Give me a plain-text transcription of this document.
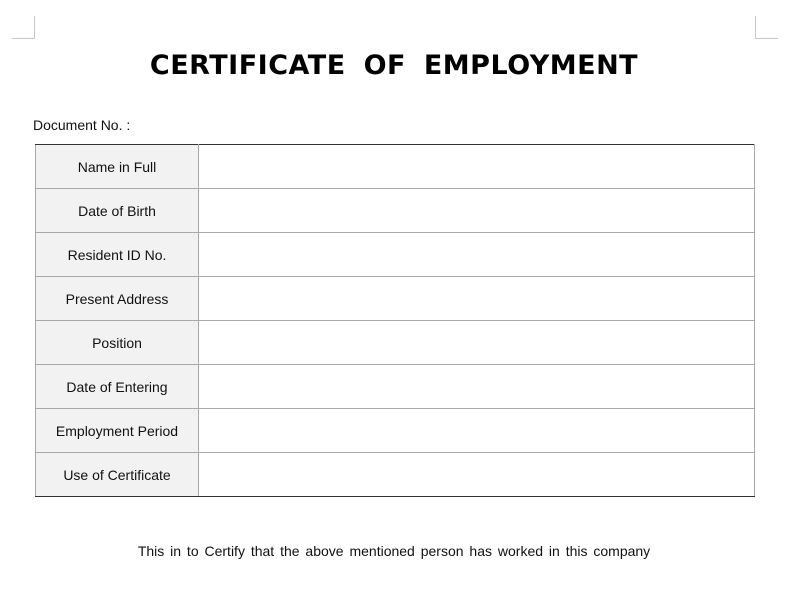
CERTIFICATE OF EMPLOYMENT
Document No. :
Name in Full	
Date of Birth	
Resident ID No.	
Present Address	
Position	
Date of Entering	
Employment Period	
Use of Certificate	
This in to Certify that the above mentioned person has worked in this company
